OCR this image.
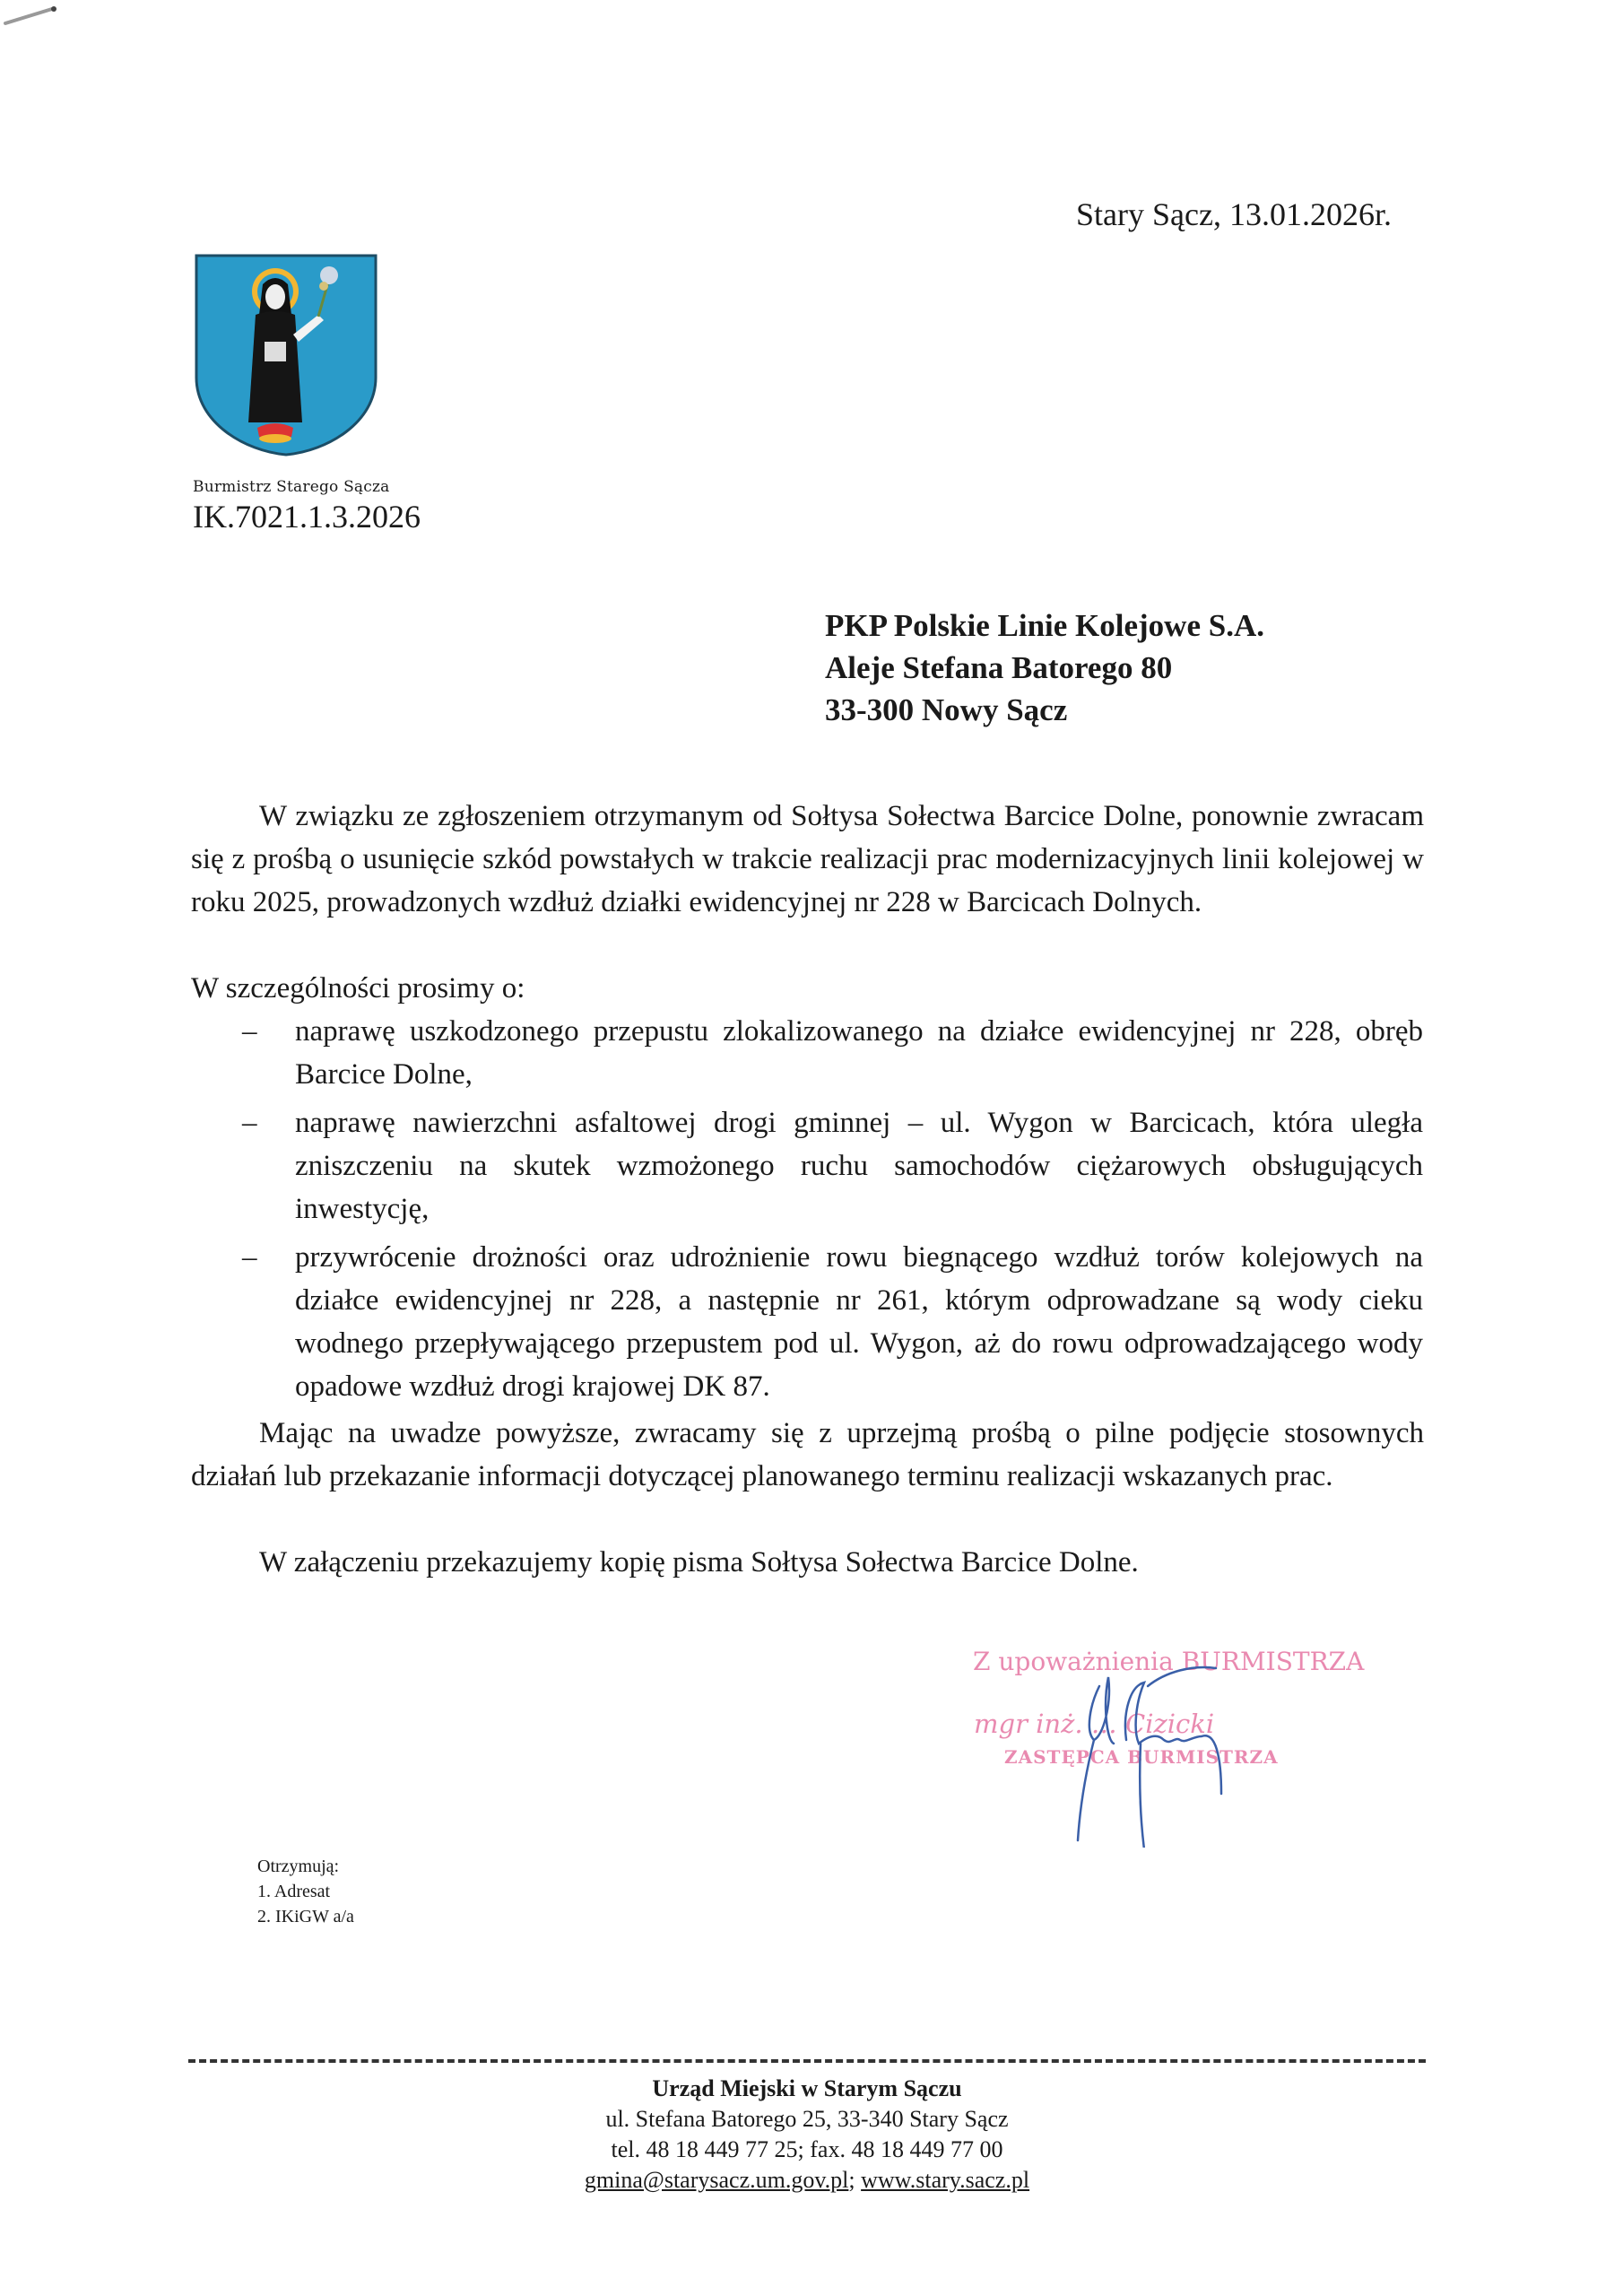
Stary Sącz, 13.01.2026r.
Burmistrz Starego Sącza
IK.7021.1.3.2026
PKP Polskie Linie Kolejowe S.A.
Aleje Stefana Batorego 80
33-300 Nowy Sącz
W związku ze zgłoszeniem otrzymanym od Sołtysa Sołectwa Barcice Dolne, ponownie zwracam się z prośbą o usunięcie szkód powstałych w trakcie realizacji prac modernizacyjnych linii kolejowej w roku 2025, prowadzonych wzdłuż działki ewidencyjnej nr 228 w Barcicach Dolnych.
W szczególności prosimy o:
– naprawę uszkodzonego przepustu zlokalizowanego na działce ewidencyjnej nr 228, obręb Barcice Dolne,
– naprawę nawierzchni asfaltowej drogi gminnej – ul. Wygon w Barcicach, która uległa zniszczeniu na skutek wzmożonego ruchu samochodów ciężarowych obsługujących inwestycję,
– przywrócenie drożności oraz udrożnienie rowu biegnącego wzdłuż torów kolejowych na działce ewidencyjnej nr 228, a następnie nr 261, którym odprowadzane są wody cieku wodnego przepływającego przepustem pod ul. Wygon, aż do rowu odprowadzającego wody opadowe wzdłuż drogi krajowej DK 87.
Mając na uwadze powyższe, zwracamy się z uprzejmą prośbą o pilne podjęcie stosownych działań lub przekazanie informacji dotyczącej planowanego terminu realizacji wskazanych prac.
W załączeniu przekazujemy kopię pisma Sołtysa Sołectwa Barcice Dolne.
Z upoważnienia BURMISTRZA
mgr inż. … Cizicki
ZASTĘPCA BURMISTRZA
Otrzymują:
1. Adresat
2. IKiGW a/a
Urząd Miejski w Starym Sączu
ul. Stefana Batorego 25, 33-340 Stary Sącz
tel. 48 18 449 77 25; fax. 48 18 449 77 00
gmina@starysacz.um.gov.pl; www.stary.sacz.pl
